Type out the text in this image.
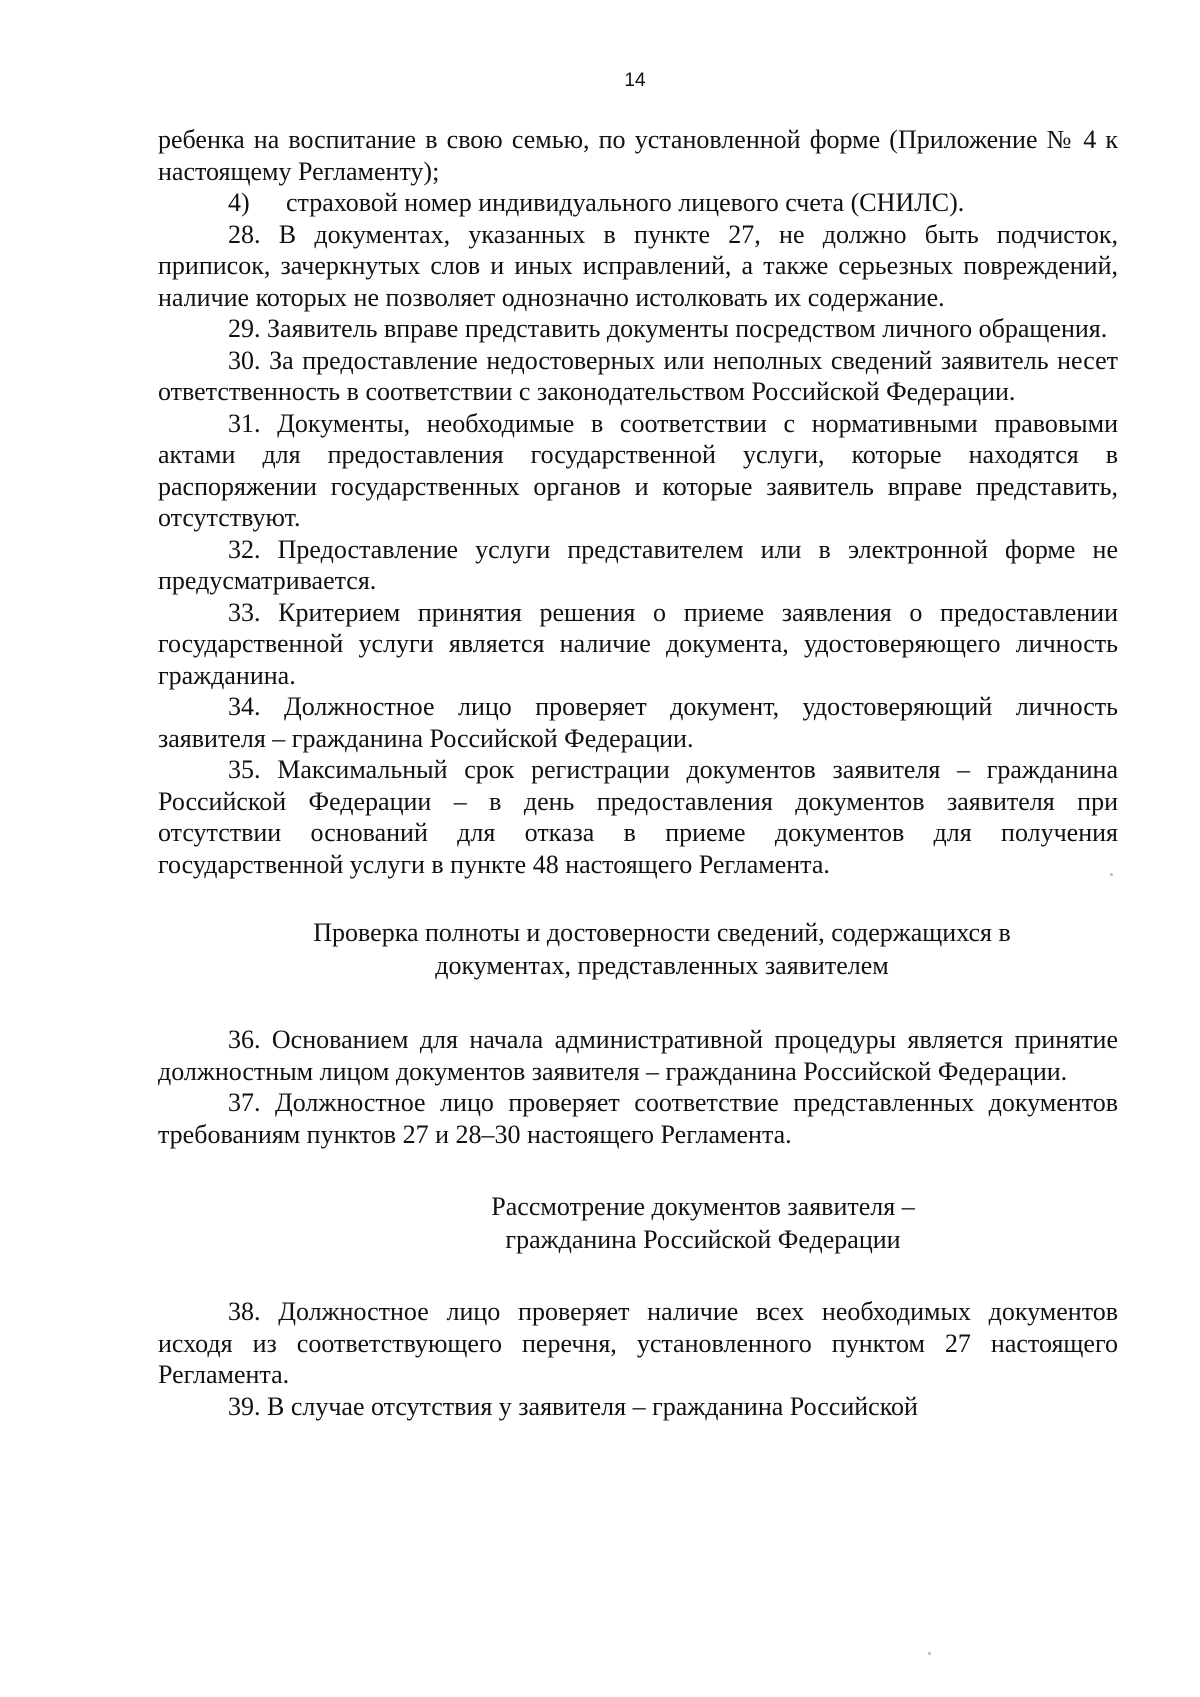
14

ребенка на воспитание в свою семью, по установленной форме (Приложение № 4 к настоящему Регламенту);

4) страховой номер индивидуального лицевого счета (СНИЛС).

28. В документах, указанных в пункте 27, не должно быть подчисток, приписок, зачеркнутых слов и иных исправлений, а также серьезных повреждений, наличие которых не позволяет однозначно истолковать их содержание.

29. Заявитель вправе представить документы посредством личного обращения.

30. За предоставление недостоверных или неполных сведений заявитель несет ответственность в соответствии с законодательством Российской Федерации.

31. Документы, необходимые в соответствии с нормативными правовыми актами для предоставления государственной услуги, которые находятся в распоряжении государственных органов и которые заявитель вправе представить, отсутствуют.

32. Предоставление услуги представителем или в электронной форме не предусматривается.

33. Критерием принятия решения о приеме заявления о предоставлении государственной услуги является наличие документа, удостоверяющего личность гражданина.

34. Должностное лицо проверяет документ, удостоверяющий личность заявителя – гражданина Российской Федерации.

35. Максимальный срок регистрации документов заявителя – гражданина Российской Федерации – в день предоставления документов заявителя при отсутствии оснований для отказа в приеме документов для получения государственной услуги в пункте 48 настоящего Регламента.

Проверка полноты и достоверности сведений, содержащихся в
документах, представленных заявителем

36. Основанием для начала административной процедуры является принятие должностным лицом документов заявителя – гражданина Российской Федерации.

37. Должностное лицо проверяет соответствие представленных документов требованиям пунктов 27 и 28–30 настоящего Регламента.

Рассмотрение документов заявителя –
гражданина Российской Федерации

38. Должностное лицо проверяет наличие всех необходимых документов исходя из соответствующего перечня, установленного пунктом 27 настоящего Регламента.

39. В случае отсутствия у заявителя – гражданина Российской
